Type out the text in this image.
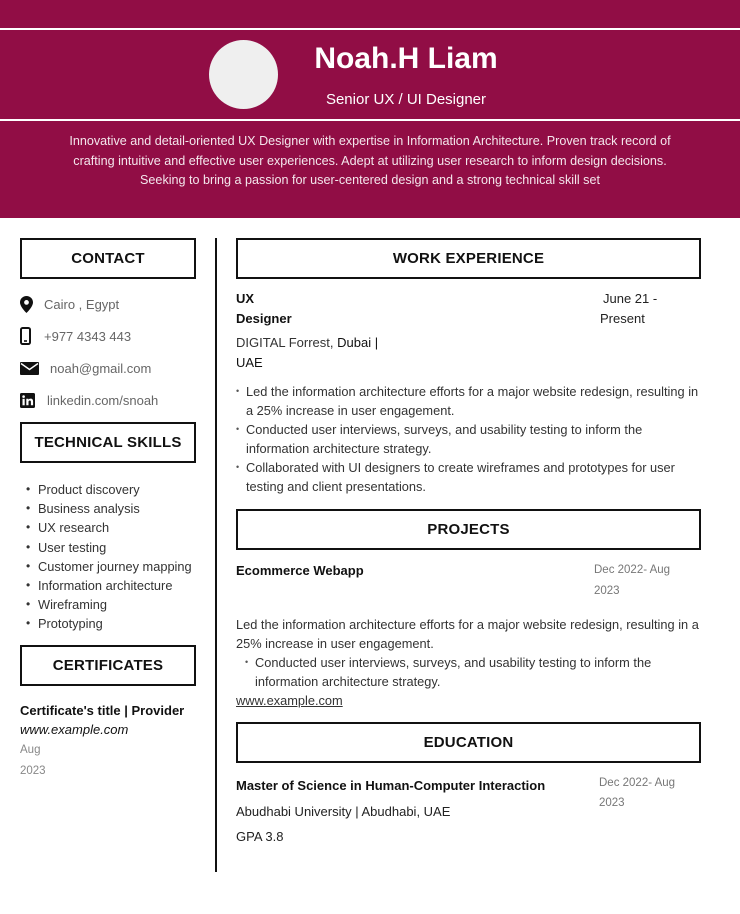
Noah.H Liam
Senior UX / UI Designer
Innovative and detail-oriented UX Designer with expertise in Information Architecture. Proven track record of crafting intuitive and effective user experiences. Adept at utilizing user research to inform design decisions. Seeking to bring a passion for user-centered design and a strong technical skill set
CONTACT
Cairo , Egypt
+977 4343 443
noah@gmail.com
linkedin.com/snoah
TECHNICAL SKILLS
• Product discovery
• Business analysis
• UX research
• User testing
• Customer journey mapping
• Information architecture
• Wireframing
• Prototyping
CERTIFICATES
Certificate's title | Provider
www.example.com
Aug
2023
WORK EXPERIENCE
UX
Designer
June 21 -
Present
DIGITAL Forrest, Dubai |
UAE
• Led the information architecture efforts for a major website redesign, resulting in a 25% increase in user engagement.
• Conducted user interviews, surveys, and usability testing to inform the information architecture strategy.
• Collaborated with UI designers to create wireframes and prototypes for user testing and client presentations.
PROJECTS
Ecommerce Webapp	Dec 2022- Aug
2023
Led the information architecture efforts for a major website redesign, resulting in a 25% increase in user engagement.
• Conducted user interviews, surveys, and usability testing to inform the information architecture strategy.
www.example.com
EDUCATION
Master of Science in Human-Computer Interaction	Dec 2022- Aug
2023
Abudhabi University | Abudhabi, UAE
GPA 3.8
